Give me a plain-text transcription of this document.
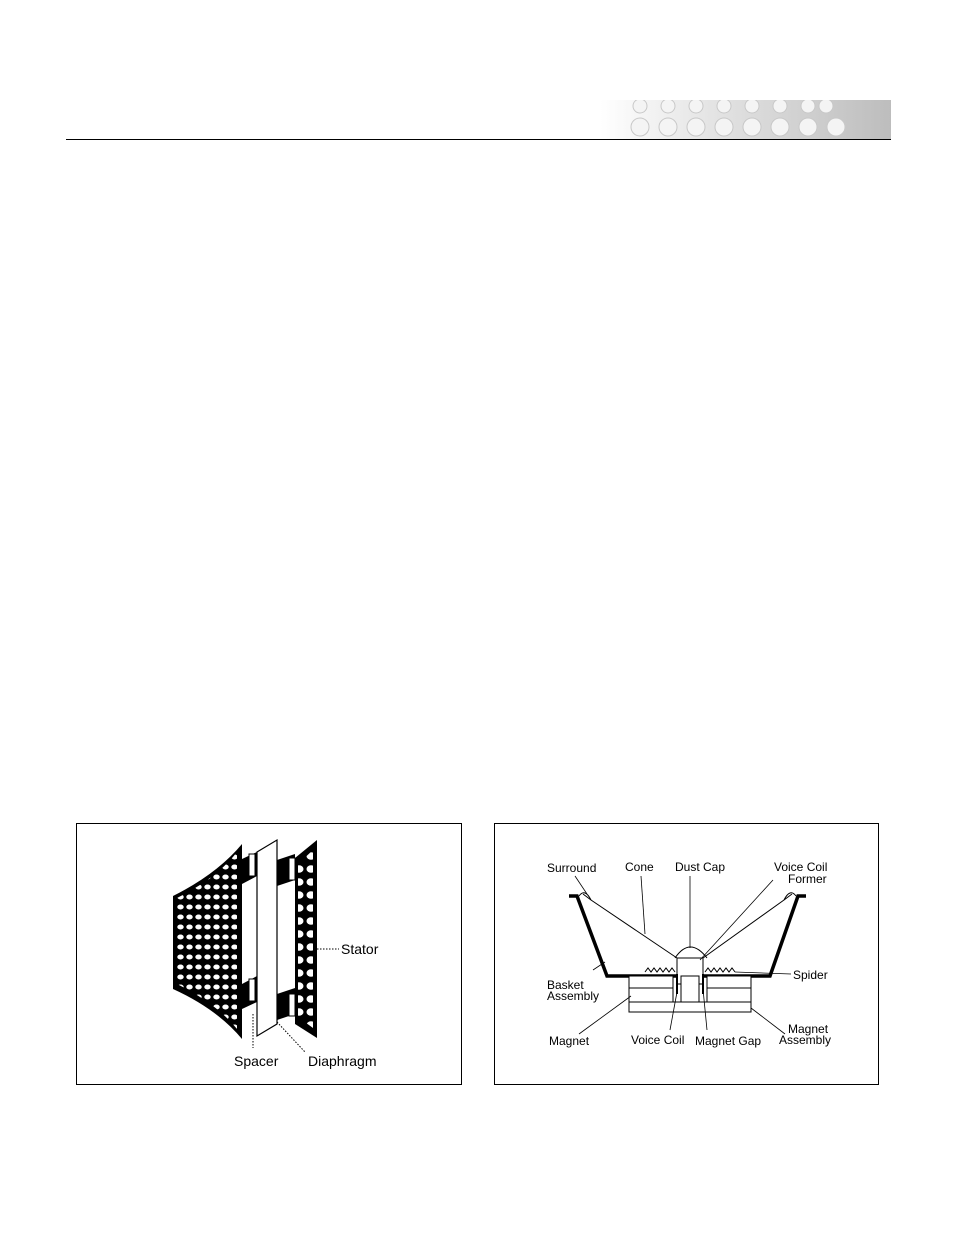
Stator
Spacer Diaphragm
Surround Cone Dust Cap	Voice Coil
Former
Basket
Assembly
Spider
Magnet	Voice Coil Magnet Gap
Magnet
Assembly
